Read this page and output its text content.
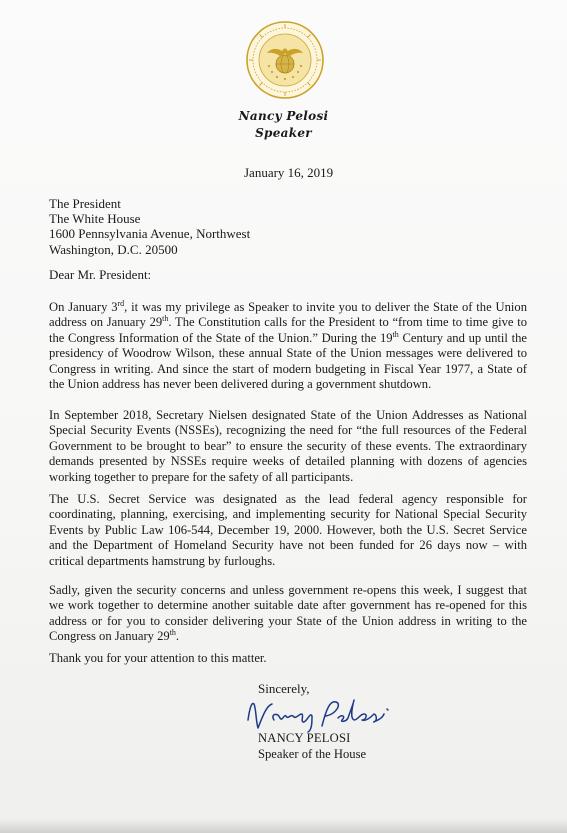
Nancy Pelosi
Speaker
January 16, 2019
The President
The White House
1600 Pennsylvania Avenue, Northwest
Washington, D.C. 20500
Dear Mr. President:
On January 3rd, it was my privilege as Speaker to invite you to deliver the State of the Union address on January 29th. The Constitution calls for the President to “from time to time give to the Congress Information of the State of the Union.” During the 19th Century and up until the presidency of Woodrow Wilson, these annual State of the Union messages were delivered to Congress in writing. And since the start of modern budgeting in Fiscal Year 1977, a State of the Union address has never been delivered during a government shutdown.
In September 2018, Secretary Nielsen designated State of the Union Addresses as National Special Security Events (NSSEs), recognizing the need for “the full resources of the Federal Government to be brought to bear” to ensure the security of these events. The extraordinary demands presented by NSSEs require weeks of detailed planning with dozens of agencies working together to prepare for the safety of all participants.
The U.S. Secret Service was designated as the lead federal agency responsible for coordinating, planning, exercising, and implementing security for National Special Security Events by Public Law 106-544, December 19, 2000. However, both the U.S. Secret Service and the Department of Homeland Security have not been funded for 26 days now – with critical departments hamstrung by furloughs.
Sadly, given the security concerns and unless government re-opens this week, I suggest that we work together to determine another suitable date after government has re-opened for this address or for you to consider delivering your State of the Union address in writing to the Congress on January 29th.
Thank you for your attention to this matter.
Sincerely,
NANCY PELOSI
Speaker of the House
